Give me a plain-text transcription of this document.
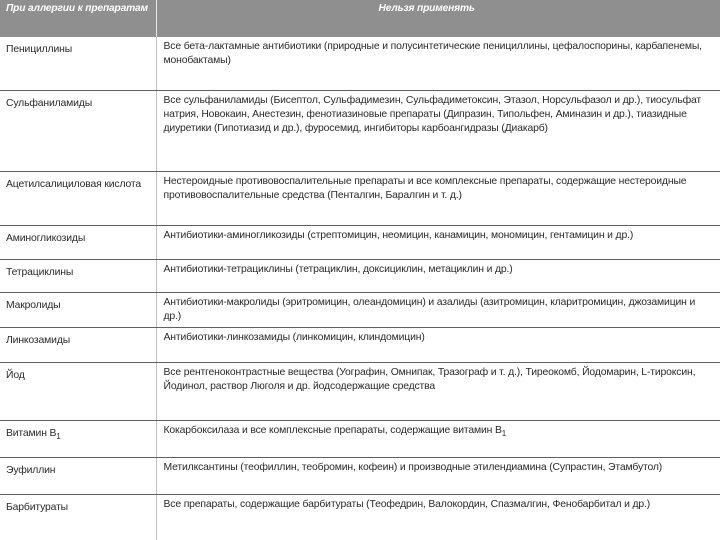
При аллергии к препаратам	Нельзя применять
Пенициллины	Все бета-лактамные антибиотики (природные и полусинтетические пенициллины, цефалоспорины, карбапенемы, монобактамы)
Сульфаниламиды	Все сульфаниламиды (Бисептол, Сульфадимезин, Сульфадиметоксин, Этазол, Норсульфазол и др.), тиосульфат натрия, Новокаин, Анестезин, фенотиазиновые препараты (Дипразин, Типольфен, Аминазин и др.), тиазидные диуретики (Гипотиазид и др.), фуросемид, ингибиторы карбоангидразы (Диакарб)
Ацетилсалициловая кислота	Нестероидные противовоспалительные препараты и все комплексные препараты, содержащие нестероидные противовоспалительные средства (Пенталгин, Баралгин и т. д.)
Аминогликозиды	Антибиотики-аминогликозиды (стрептомицин, неомицин, канамицин, мономицин, гентамицин и др.)
Тетрациклины	Антибиотики-тетрациклины (тетрациклин, доксициклин, метациклин и др.)
Макролиды	Антибиотики-макролиды (эритромицин, олеандомицин) и азалиды (азитромицин, кларитромицин, джозамицин и др.)
Линкозамиды	Антибиотики-линкозамиды (линкомицин, клиндомицин)
Йод	Все рентгеноконтрастные вещества (Уографин, Омнипак, Тразограф и т. д.), Тиреокомб, Йодомарин, L-тироксин, Йодинол, раствор Люголя и др. йодсодержащие средства
Витамин $B_1$	Кокарбоксилаза и все комплексные препараты, содержащие витамин $B_1$
Эуфиллин	Метилксантины (теофиллин, теобромин, кофеин) и производные этилендиамина (Супрастин, Этамбутол)
Барбитураты	Все препараты, содержащие барбитураты (Теофедрин, Валокордин, Спазмалгин, Фенобарбитал и др.)
